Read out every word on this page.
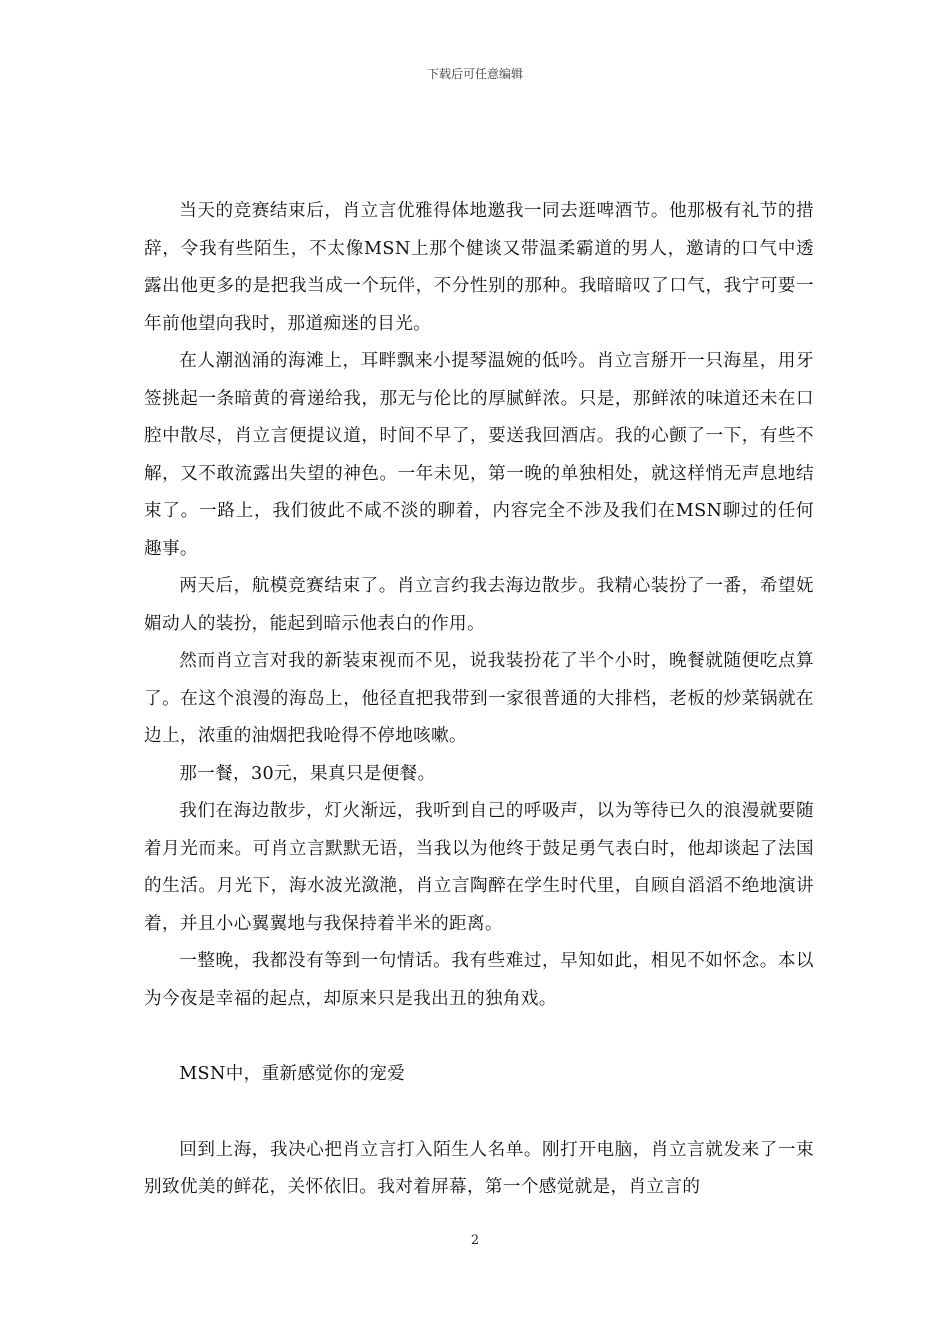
下载后可任意编辑

当天的竞赛结束后，肖立言优雅得体地邀我一同去逛啤酒节。他那极有礼节的措辞，令我有些陌生，不太像MSN上那个健谈又带温柔霸道的男人，邀请的口气中透露出他更多的是把我当成一个玩伴，不分性别的那种。我暗暗叹了口气，我宁可要一年前他望向我时，那道痴迷的目光。

在人潮汹涌的海滩上，耳畔飘来小提琴温婉的低吟。肖立言掰开一只海星，用牙签挑起一条暗黄的膏递给我，那无与伦比的厚腻鲜浓。只是，那鲜浓的味道还未在口腔中散尽，肖立言便提议道，时间不早了，要送我回酒店。我的心颤了一下，有些不解，又不敢流露出失望的神色。一年未见，第一晚的单独相处，就这样悄无声息地结束了。一路上，我们彼此不咸不淡的聊着，内容完全不涉及我们在MSN聊过的任何趣事。

两天后，航模竞赛结束了。肖立言约我去海边散步。我精心装扮了一番，希望妩媚动人的装扮，能起到暗示他表白的作用。

然而肖立言对我的新装束视而不见，说我装扮花了半个小时，晚餐就随便吃点算了。在这个浪漫的海岛上，他径直把我带到一家很普通的大排档，老板的炒菜锅就在边上，浓重的油烟把我呛得不停地咳嗽。

那一餐，30元，果真只是便餐。

我们在海边散步，灯火渐远，我听到自己的呼吸声，以为等待已久的浪漫就要随着月光而来。可肖立言默默无语，当我以为他终于鼓足勇气表白时，他却谈起了法国的生活。月光下，海水波光潋滟，肖立言陶醉在学生时代里，自顾自滔滔不绝地演讲着，并且小心翼翼地与我保持着半米的距离。

一整晚，我都没有等到一句情话。我有些难过，早知如此，相见不如怀念。本以为今夜是幸福的起点，却原来只是我出丑的独角戏。

MSN中，重新感觉你的宠爱

回到上海，我决心把肖立言打入陌生人名单。刚打开电脑，肖立言就发来了一束别致优美的鲜花，关怀依旧。我对着屏幕，第一个感觉就是，肖立言的

2
